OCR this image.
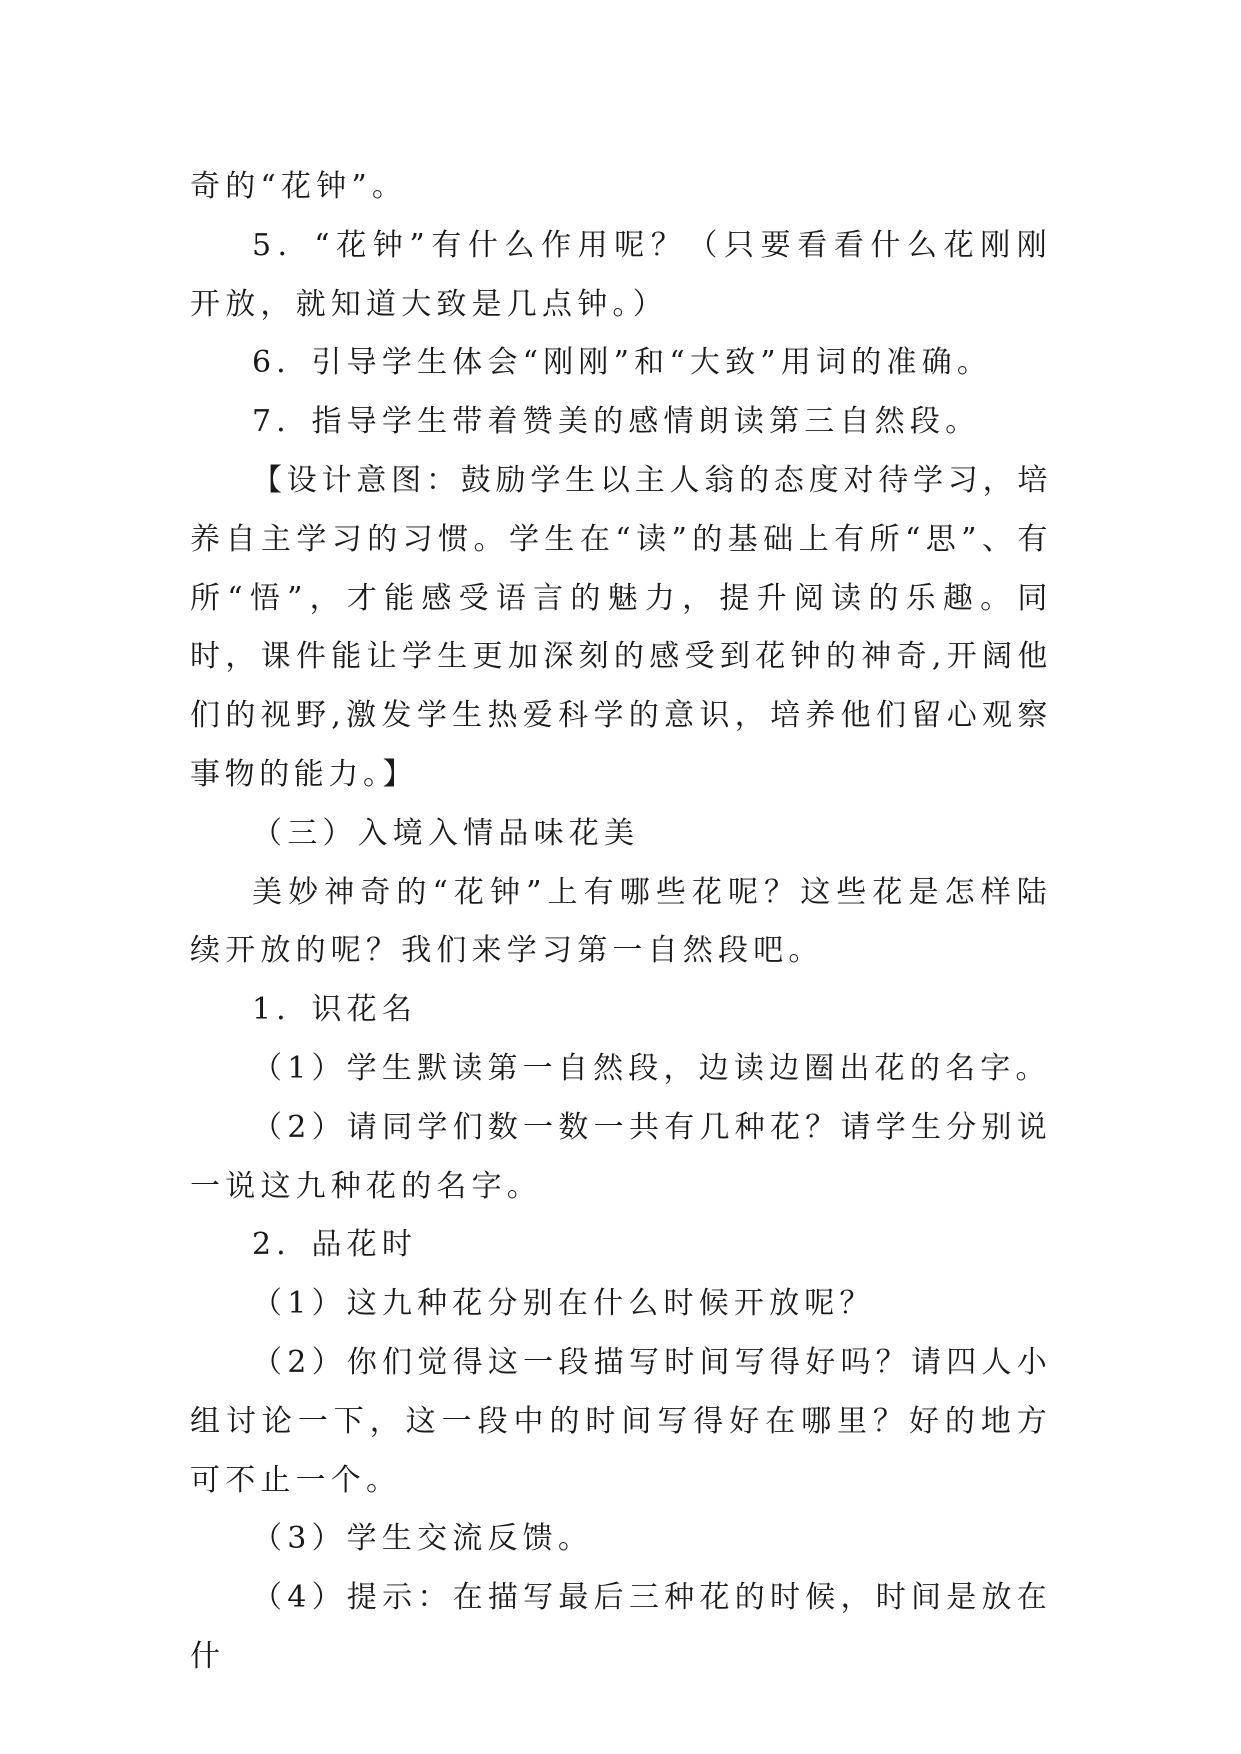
奇的“花钟”。

5．“花钟”有什么作用呢？（只要看看什么花刚刚开放，就知道大致是几点钟。）

6．引导学生体会“刚刚”和“大致”用词的准确。

7．指导学生带着赞美的感情朗读第三自然段。

【设计意图：鼓励学生以主人翁的态度对待学习，培养自主学习的习惯。学生在“读”的基础上有所“思”、有所“悟”，才能感受语言的魅力，提升阅读的乐趣。同时，课件能让学生更加深刻的感受到花钟的神奇,开阔他们的视野,激发学生热爱科学的意识，培养他们留心观察事物的能力。】

（三）入境入情品味花美

美妙神奇的“花钟”上有哪些花呢？这些花是怎样陆续开放的呢？我们来学习第一自然段吧。

1．识花名

（1）学生默读第一自然段，边读边圈出花的名字。

（2）请同学们数一数一共有几种花？请学生分别说一说这九种花的名字。

2．品花时

（1）这九种花分别在什么时候开放呢？

（2）你们觉得这一段描写时间写得好吗？请四人小组讨论一下，这一段中的时间写得好在哪里？好的地方可不止一个。

（3）学生交流反馈。

（4）提示：在描写最后三种花的时候，时间是放在什
